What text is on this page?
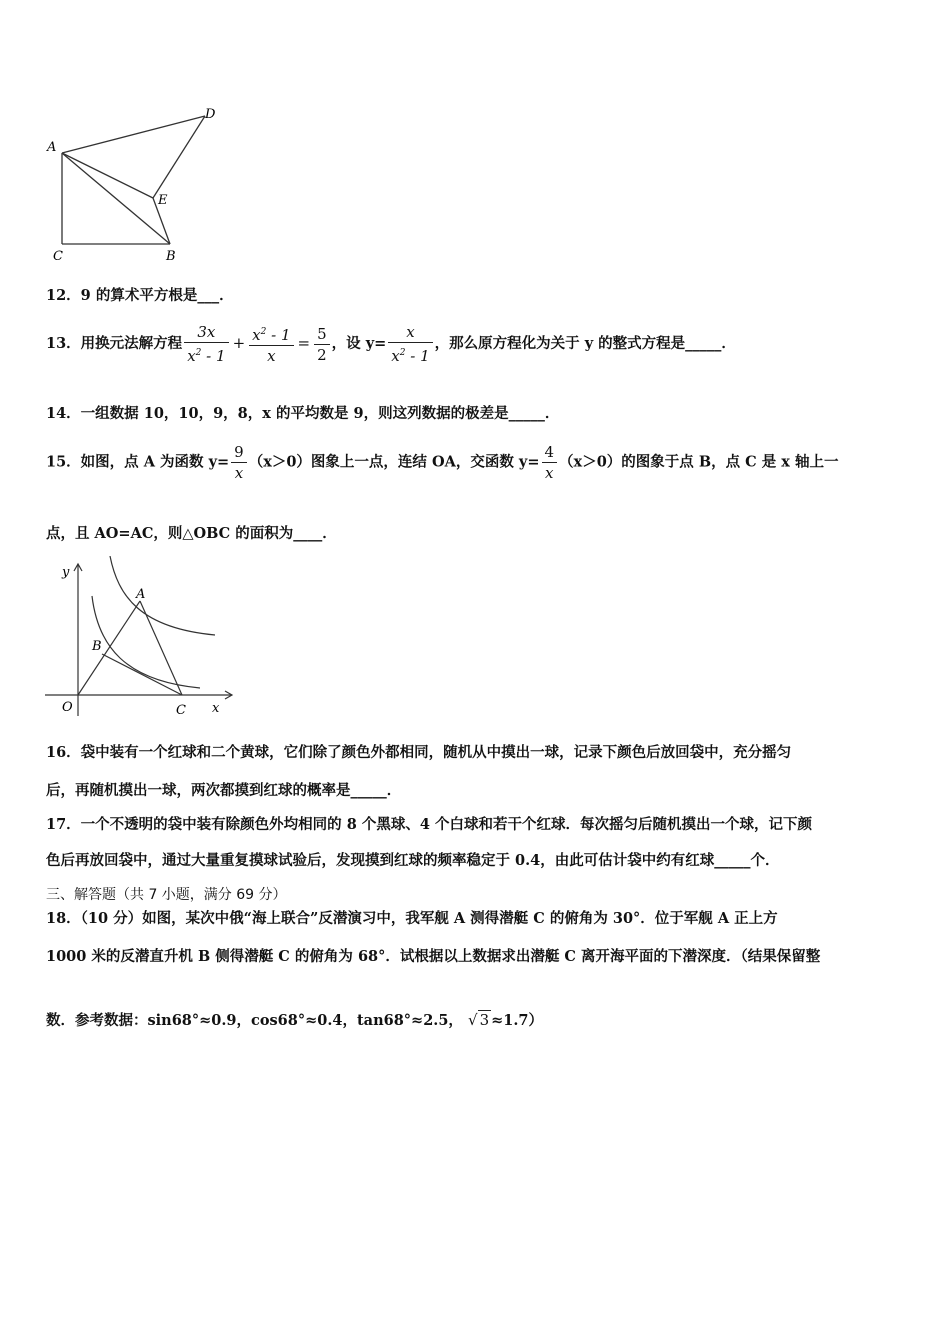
A
D
E
C	B
12．9 的算术平方根是___．
13．用换元法解方程 $\frac{3x}{x^2 - 1} + \frac{x^2 - 1}{x} = \frac{5}{2}$ ，设 $y= \frac{x}{x^2 - 1}$ ，那么原方程化为关于 y 的整式方程是_____．
14．一组数据 10，10，9，8，x 的平均数是 9，则这列数据的极差是_____．
15．如图，点 A 为函数 $y= \frac{9}{x} (x>0)$图象上一点，连结 OA，交函数 $y= \frac{4}{x} (x>0)$的图象于点 B，点 C 是 x 轴上一
点，且 AO=AC，则△OBC 的面积为____．
y
x
O
A
B
C
16．袋中装有一个红球和二个黄球，它们除了颜色外都相同，随机从中摸出一球，记录下颜色后放回袋中，充分摇匀
后，再随机摸出一球，两次都摸到红球的概率是_____．
17．一个不透明的袋中装有除颜色外均相同的 8 个黑球、4 个白球和若干个红球．每次摇匀后随机摸出一个球，记下颜
色后再放回袋中，通过大量重复摸球试验后，发现摸到红球的频率稳定于 0.4，由此可估计袋中约有红球_____个．
三、解答题（共 7 小题，满分 69 分）
18．（10 分）如图，某次中俄“海上联合”反潜演习中，我军舰 A 测得潜艇 C 的俯角为 30°．位于军舰 A 正上方
1000 米的反潜直升机 B 侧得潜艇 C 的俯角为 68°．试根据以上数据求出潜艇 C 离开海平面的下潜深度．（结果保留整
数．参考数据：sin68°≈0.9，cos68°≈0.4，tan68°≈2.5， √ 3 ≈1.7）
